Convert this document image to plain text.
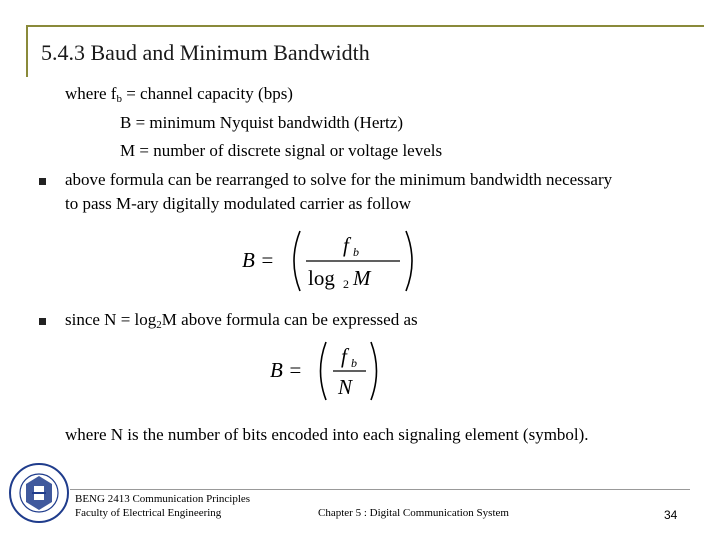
5.4.3 Baud and Minimum Bandwidth
where $f_b$ = channel capacity (bps)
B = minimum Nyquist bandwidth (Hertz)
M = number of discrete signal or voltage levels
above formula can be rearranged to solve for the minimum bandwidth necessary
to pass M-ary digitally modulated carrier as follow
B =
f b
log 2 M
since $N = \log_2M$ above formula can be expressed as
B =
f b
N
where N is the number of bits encoded into each signaling element (symbol).
BENG 2413 Communication Principles
Faculty of Electrical Engineering	Chapter 5 : Digital Communication System	34
